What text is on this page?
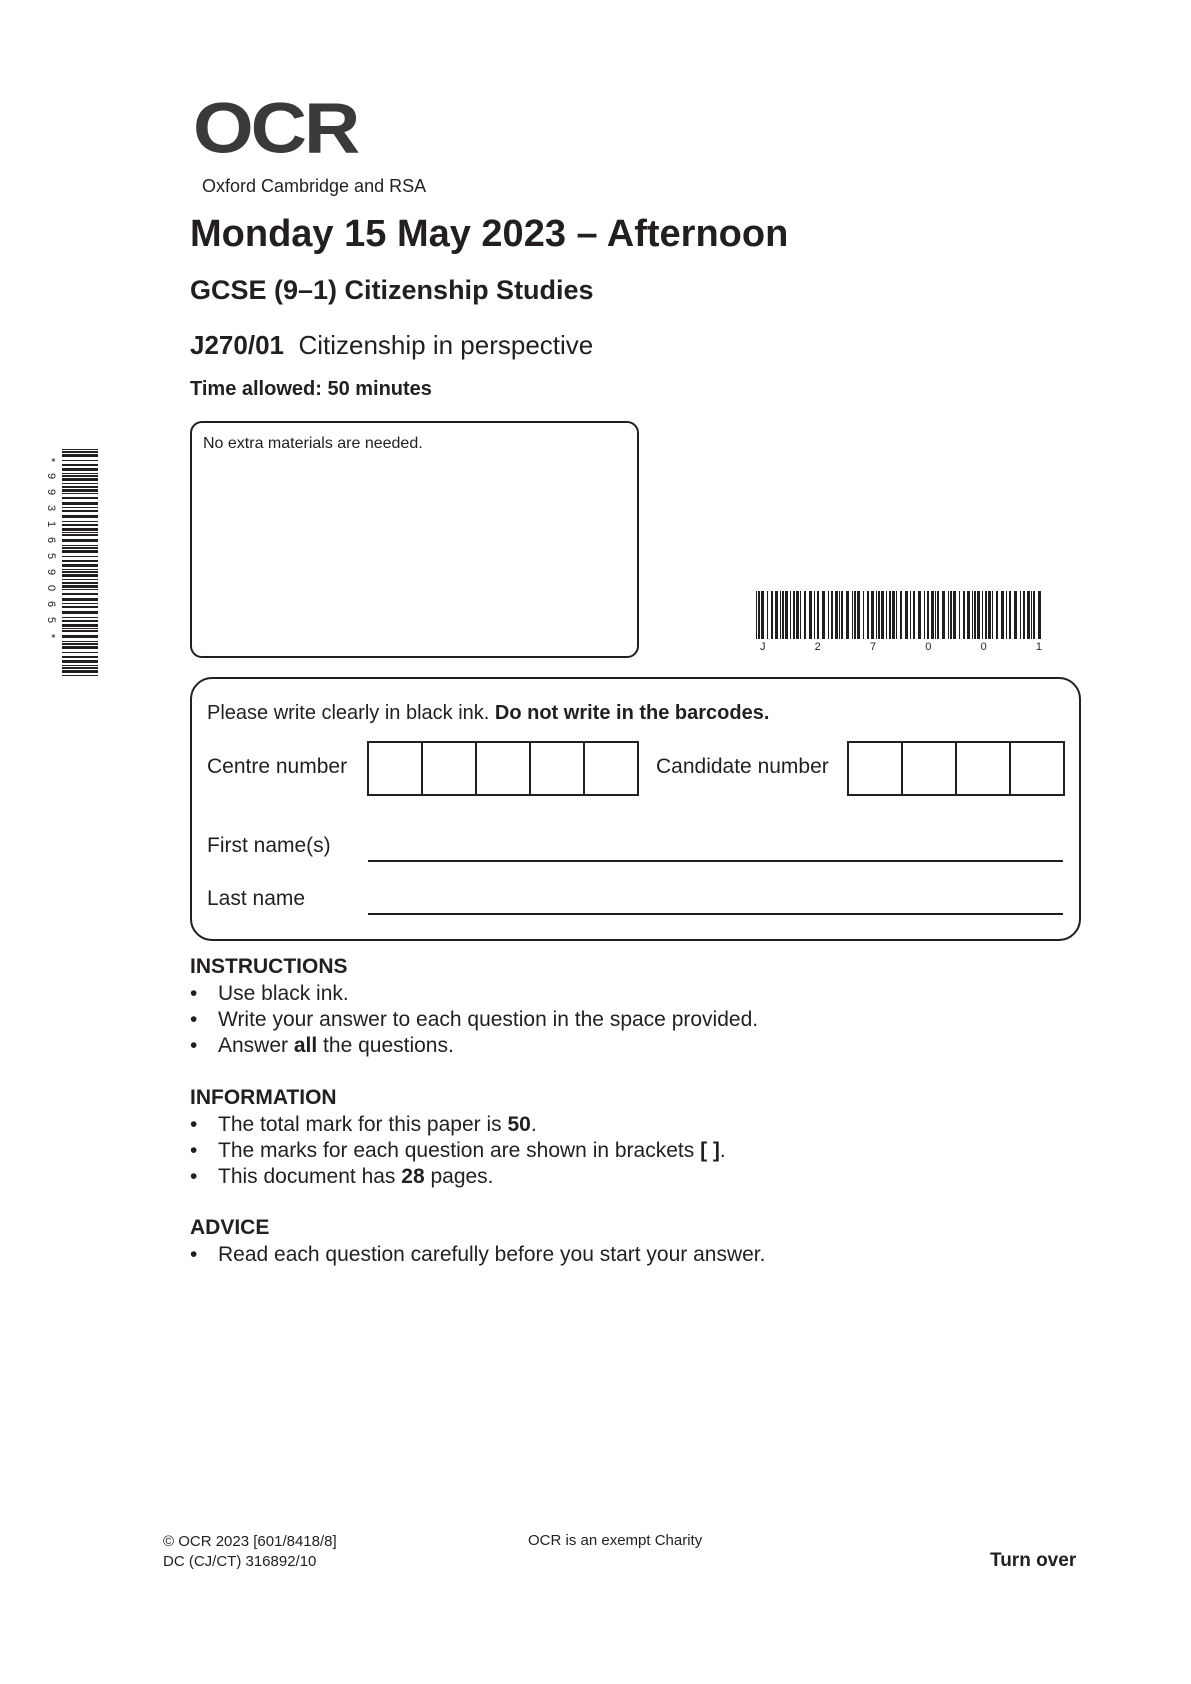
OCR
Oxford Cambridge and RSA
Monday 15 May 2023 – Afternoon
GCSE (9–1) Citizenship Studies
J270/01 Citizenship in perspective
Time allowed: 50 minutes
No extra materials are needed.
J	2	7	0	0	1
*
9
9
3
1
6
5
9
0
6
5
*
Please write clearly in black ink. Do not write in the barcodes.
Centre number	Candidate number
First name(s)
Last name
INSTRUCTIONS
• Use black ink.
• Write your answer to each question in the space provided.
• Answer all the questions.
INFORMATION
• The total mark for this paper is 50.
• The marks for each question are shown in brackets [ ].
• This document has 28 pages.
ADVICE
• Read each question carefully before you start your answer.
© OCR 2023 [601/8418/8]
DC (CJ/CT) 316892/10
OCR is an exempt Charity
Turn over
